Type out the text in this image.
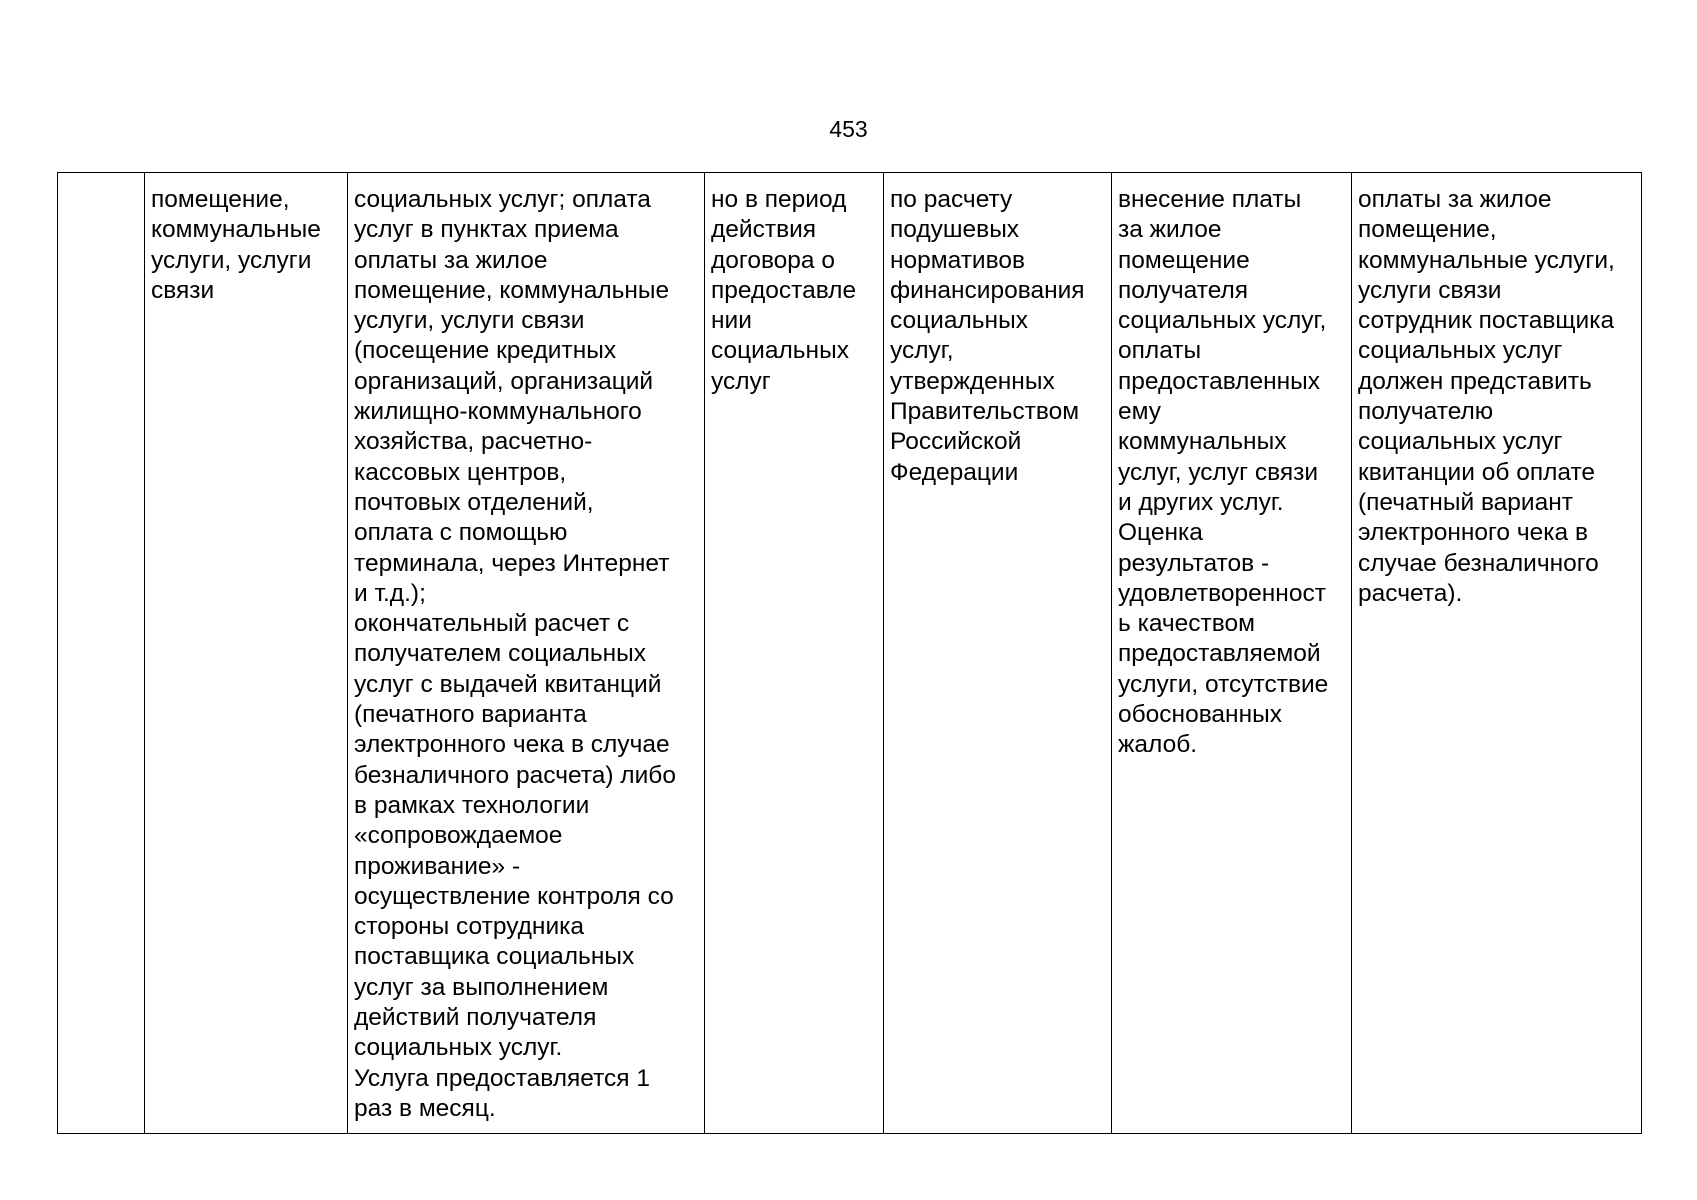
453
	помещение,
коммунальные
услуги, услуги
связи	социальных услуг; оплата
услуг в пунктах приема
оплаты за жилое
помещение, коммунальные
услуги, услуги связи
(посещение кредитных
организаций, организаций
жилищно-коммунального
хозяйства, расчетно-
кассовых центров,
почтовых отделений,
оплата с помощью
терминала, через Интернет
и т.д.);
окончательный расчет с
получателем социальных
услуг с выдачей квитанций
(печатного варианта
электронного чека в случае
безналичного расчета) либо
в рамках технологии
«сопровождаемое
проживание» -
осуществление контроля со
стороны сотрудника
поставщика социальных
услуг за выполнением
действий получателя
социальных услуг.
Услуга предоставляется 1
раз в месяц.	но в период
действия
договора о
предоставле
нии
социальных
услуг	по расчету
подушевых
нормативов
финансирования
социальных
услуг,
утвержденных
Правительством
Российской
Федерации	внесение платы
за жилое
помещение
получателя
социальных услуг,
оплаты
предоставленных
ему
коммунальных
услуг, услуг связи
и других услуг.
Оценка
результатов -
удовлетворенност
ь качеством
предоставляемой
услуги, отсутствие
обоснованных
жалоб.	оплаты за жилое
помещение,
коммунальные услуги,
услуги связи
сотрудник поставщика
социальных услуг
должен представить
получателю
социальных услуг
квитанции об оплате
(печатный вариант
электронного чека в
случае безналичного
расчета).
